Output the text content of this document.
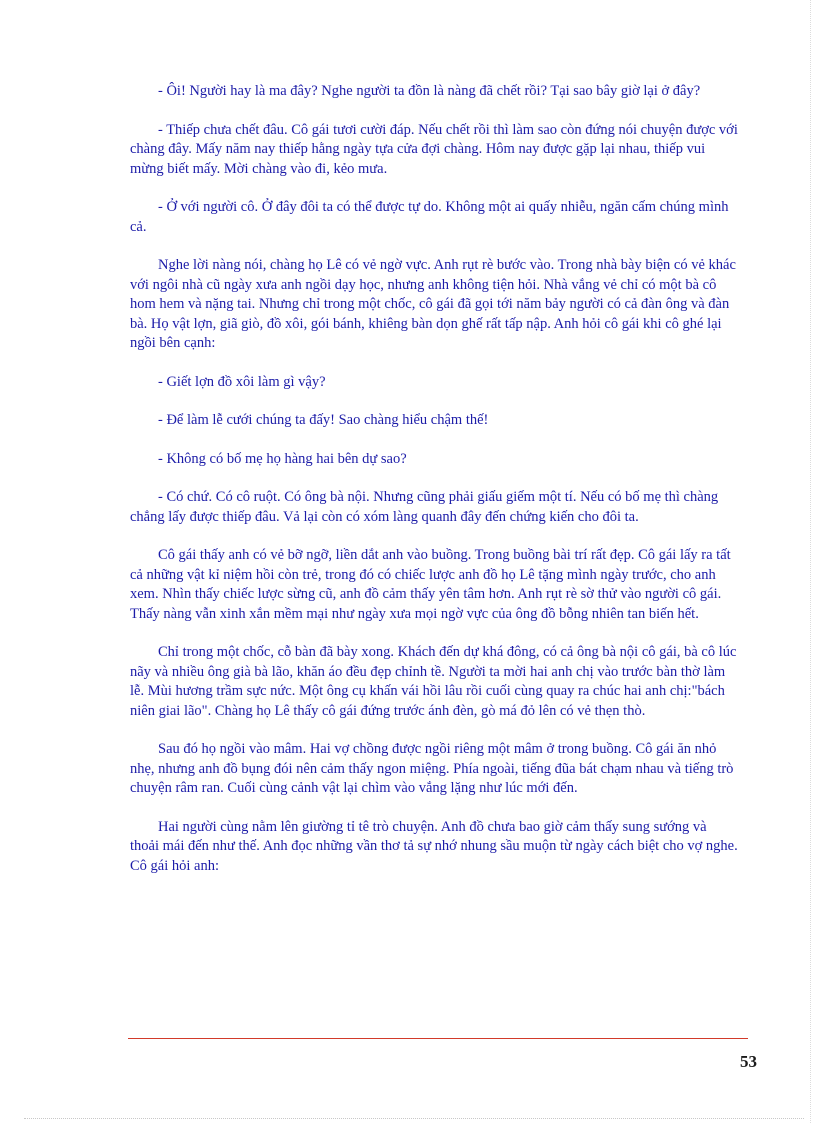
- Ôi! Người hay là ma đây? Nghe người ta đồn là nàng đã chết rồi? Tại sao bây giờ lại ở đây?

- Thiếp chưa chết đâu. Cô gái tươi cười đáp. Nếu chết rồi thì làm sao còn đứng nói chuyện được với chàng đây. Mấy năm nay thiếp hằng ngày tựa cửa đợi chàng. Hôm nay được gặp lại nhau, thiếp vui mừng biết mấy. Mời chàng vào đi, kẻo mưa.

- Ở với người cô. Ở đây đôi ta có thể được tự do. Không một ai quấy nhiễu, ngăn cấm chúng mình cả.

Nghe lời nàng nói, chàng họ Lê có vẻ ngờ vực. Anh rụt rè bước vào. Trong nhà bày biện có vẻ khác với ngôi nhà cũ ngày xưa anh ngồi dạy học, nhưng anh không tiện hỏi. Nhà vắng vẻ chỉ có một bà cô hom hem và nặng tai. Nhưng chỉ trong một chốc, cô gái đã gọi tới năm bảy người có cả đàn ông và đàn bà. Họ vật lợn, giã giò, đồ xôi, gói bánh, khiêng bàn dọn ghế rất tấp nập. Anh hỏi cô gái khi cô ghé lại ngồi bên cạnh:

- Giết lợn đồ xôi làm gì vậy?

- Để làm lễ cưới chúng ta đấy! Sao chàng hiểu chậm thế!

- Không có bố mẹ họ hàng hai bên dự sao?

- Có chứ. Có cô ruột. Có ông bà nội. Nhưng cũng phải giấu giếm một tí. Nếu có bố mẹ thì chàng chẳng lấy được thiếp đâu. Vả lại còn có xóm làng quanh đây đến chứng kiến cho đôi ta.

Cô gái thấy anh có vẻ bỡ ngỡ, liền dắt anh vào buồng. Trong buồng bài trí rất đẹp. Cô gái lấy ra tất cả những vật kỉ niệm hồi còn trẻ, trong đó có chiếc lược anh đồ họ Lê tặng mình ngày trước, cho anh xem. Nhìn thấy chiếc lược sừng cũ, anh đồ cảm thấy yên tâm hơn. Anh rụt rè sờ thử vào người cô gái. Thấy nàng vẫn xinh xắn mềm mại như ngày xưa mọi ngờ vực của ông đồ bỗng nhiên tan biến hết.

Chỉ trong một chốc, cỗ bàn đã bày xong. Khách đến dự khá đông, có cả ông bà nội cô gái, bà cô lúc nãy và nhiều ông già bà lão, khăn áo đều đẹp chỉnh tề. Người ta mời hai anh chị vào trước bàn thờ làm lễ. Mùi hương trầm sực nức. Một ông cụ khấn vái hồi lâu rồi cuối cùng quay ra chúc hai anh chị:"bách niên giai lão". Chàng họ Lê thấy cô gái đứng trước ánh đèn, gò má đỏ lên có vẻ thẹn thò.

Sau đó họ ngồi vào mâm. Hai vợ chồng được ngồi riêng một mâm ở trong buồng. Cô gái ăn nhỏ nhẹ, nhưng anh đồ bụng đói nên cảm thấy ngon miệng. Phía ngoài, tiếng đũa bát chạm nhau và tiếng trò chuyện râm ran. Cuối cùng cảnh vật lại chìm vào vắng lặng như lúc mới đến.

Hai người cùng nằm lên giường tỉ tê trò chuyện. Anh đồ chưa bao giờ cảm thấy sung sướng và thoải mái đến như thế. Anh đọc những vần thơ tả sự nhớ nhung sầu muộn từ ngày cách biệt cho vợ nghe. Cô gái hỏi anh:

53
